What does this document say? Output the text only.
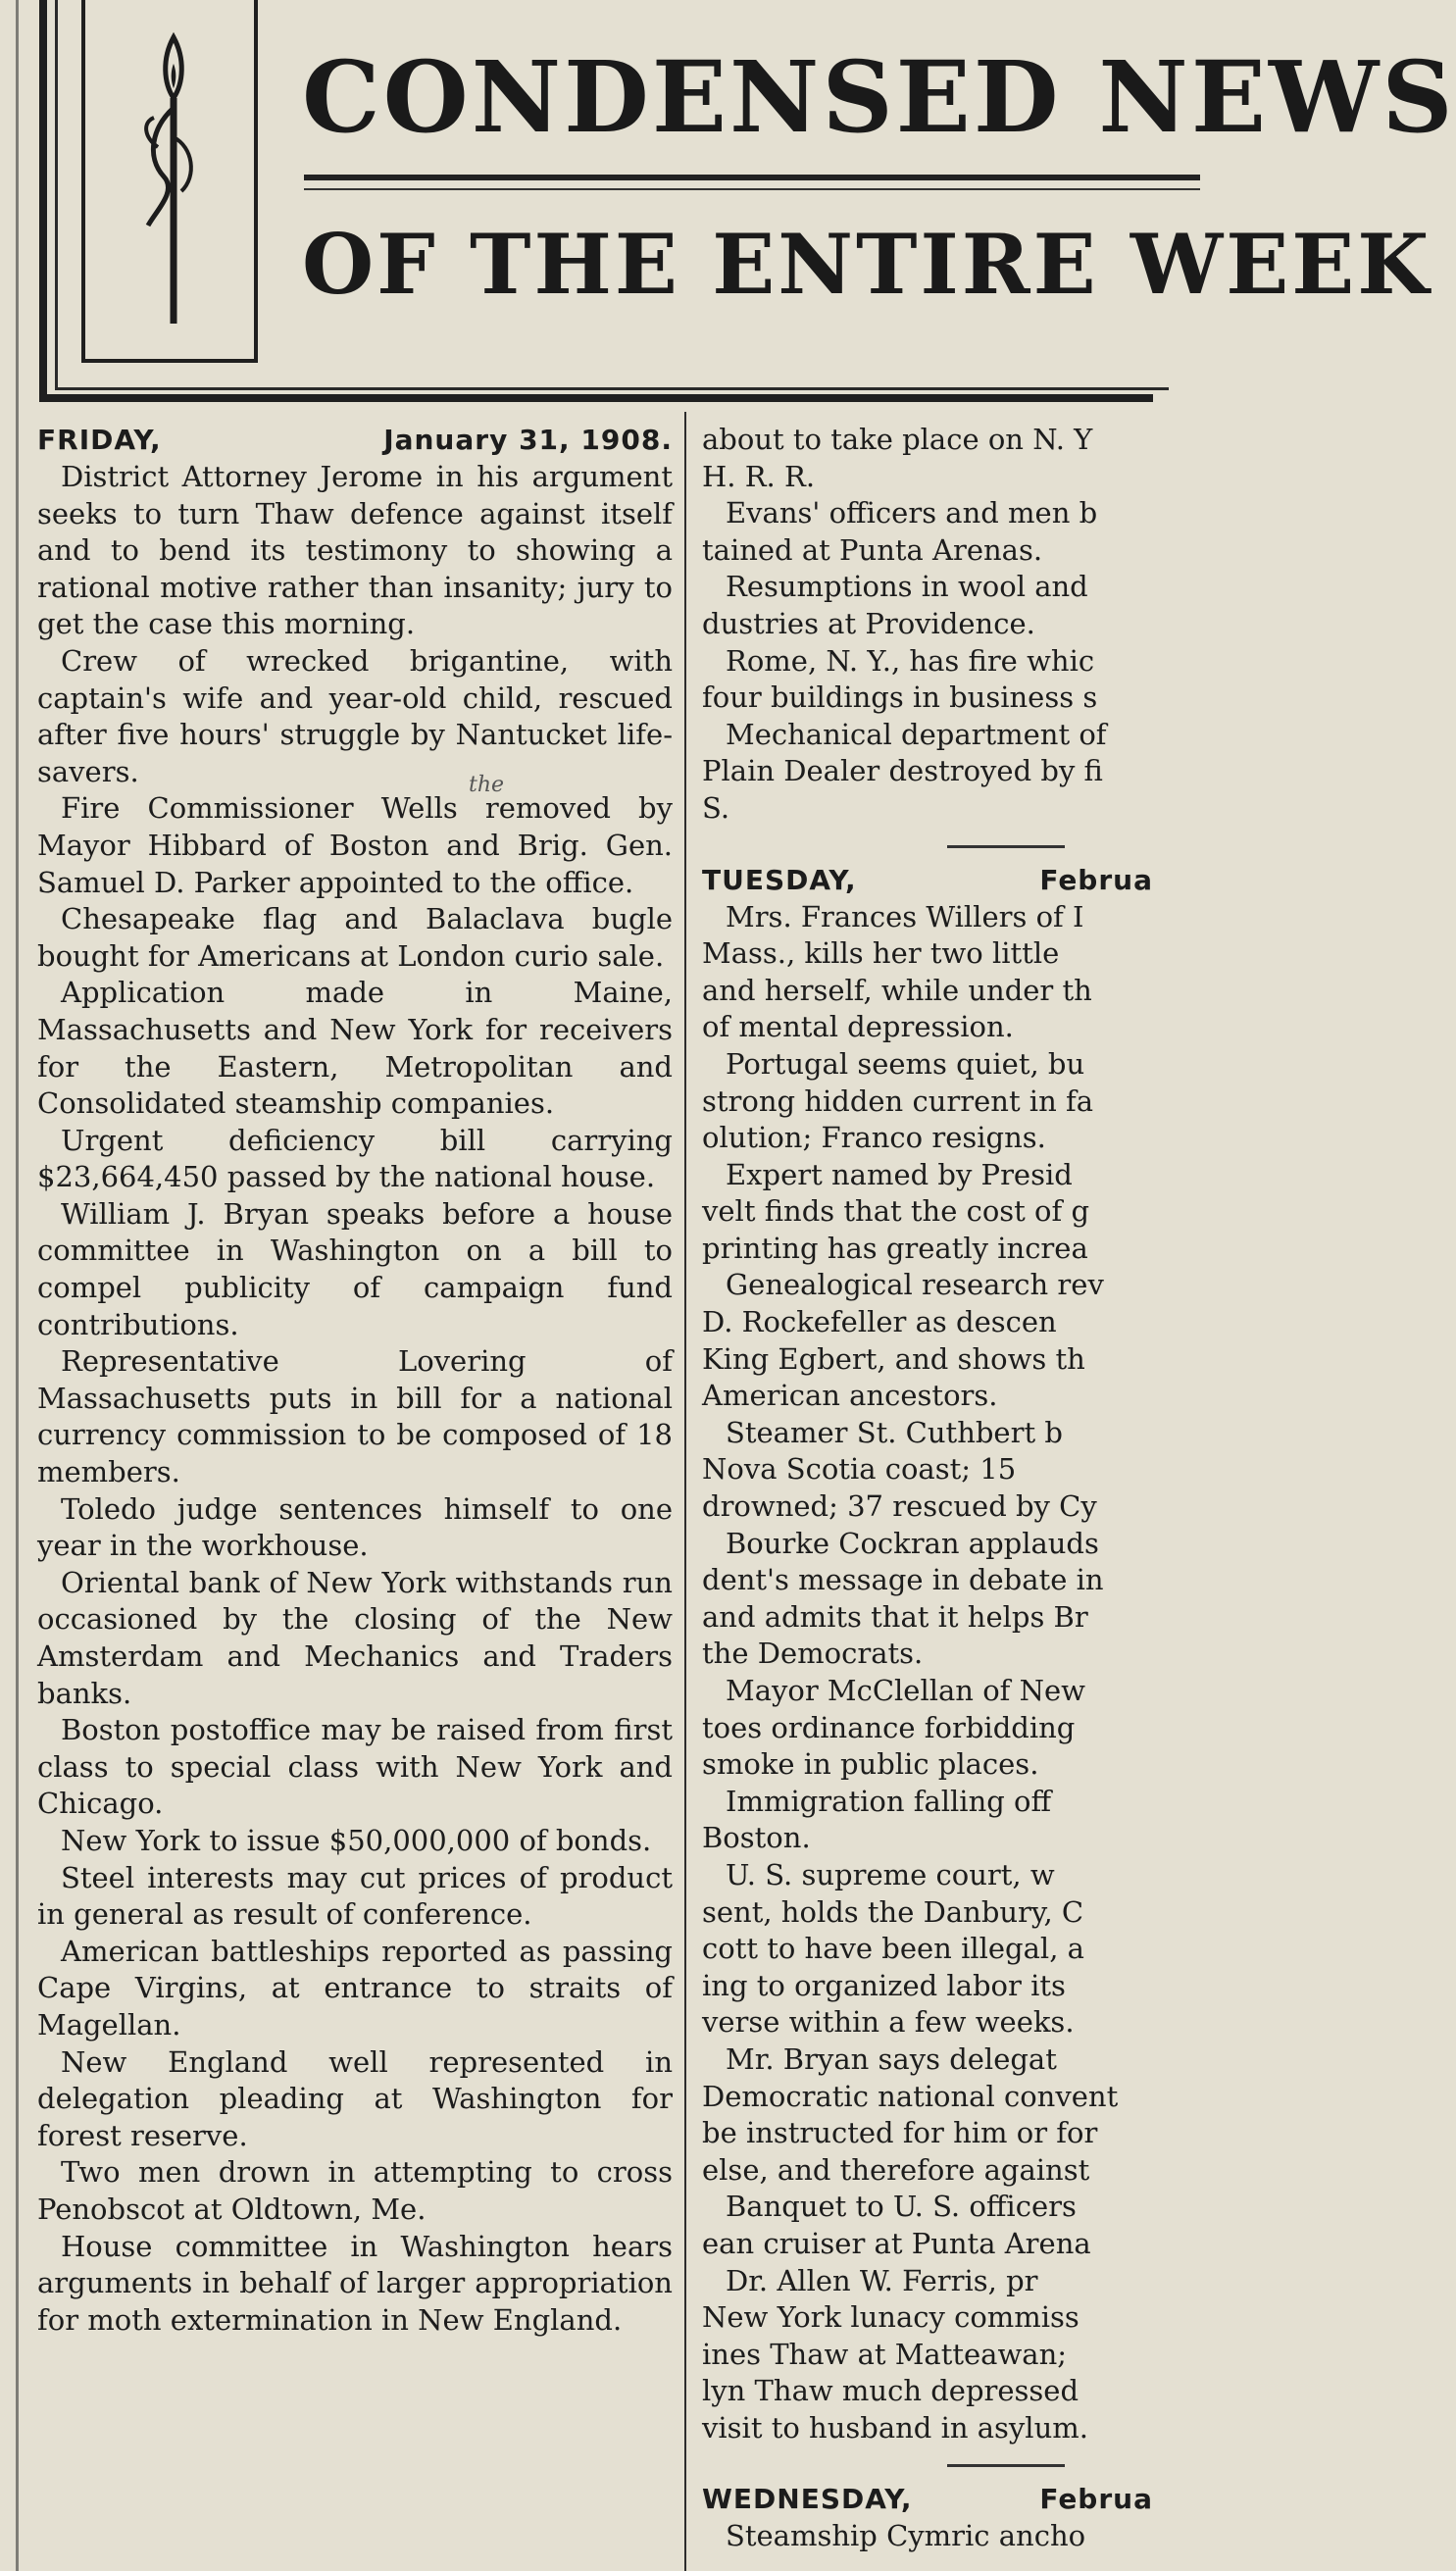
CONDENSED NEWS
OF THE ENTIRE WEEK
FRIDAY,	January 31, 1908.

District Attorney Jerome in his argument seeks to turn Thaw defence against itself and to bend its testimony to showing a rational motive rather than insanity; jury to get the case this morning.

Crew of wrecked brigantine, with captain's wife and year-old child, rescued after five hours' struggle by Nantucket life-savers.

Fire Commissioner Wells removed by Mayor Hibbard of Boston and Brig. Gen. Samuel D. Parker appointed to the office.

Chesapeake flag and Balaclava bugle bought for Americans at London curio sale.

Application made in Maine, Massachusetts and New York for receivers for the Eastern, Metropolitan and Consolidated steamship companies.

Urgent deficiency bill carrying $23,664,450 passed by the national house.

William J. Bryan speaks before a house committee in Washington on a bill to compel publicity of campaign fund contributions.

Representative Lovering of Massachusetts puts in bill for a national currency commission to be composed of 18 members.

Toledo judge sentences himself to one year in the workhouse.

Oriental bank of New York withstands run occasioned by the closing of the New Amsterdam and Mechanics and Traders banks.

Boston postoffice may be raised from first class to special class with New York and Chicago.

New York to issue $50,000,000 of bonds.

Steel interests may cut prices of product in general as result of conference.

American battleships reported as passing Cape Virgins, at entrance to straits of Magellan.

New England well represented in delegation pleading at Washington for forest reserve.

Two men drown in attempting to cross Penobscot at Oldtown, Me.

House committee in Washington hears arguments in behalf of larger appropriation for moth extermination in New England.

the
about to take place on N. Y
H. R. R.
Evans' officers and men b
tained at Punta Arenas.
Resumptions in wool and
dustries at Providence.
Rome, N. Y., has fire whic
four buildings in business s
Mechanical department of
Plain Dealer destroyed by fi
S.
TUESDAY,	Februa
Mrs. Frances Willers of I
Mass., kills her two little
and herself, while under th
of mental depression.
Portugal seems quiet, bu
strong hidden current in fa
olution; Franco resigns.
Expert named by Presid
velt finds that the cost of g
printing has greatly increa
Genealogical research rev
D. Rockefeller as descen
King Egbert, and shows th
American ancestors.
Steamer St. Cuthbert b
Nova Scotia coast; 15
drowned; 37 rescued by Cy
Bourke Cockran applauds
dent's message in debate in
and admits that it helps Br
the Democrats.
Mayor McClellan of New
toes ordinance forbidding
smoke in public places.
Immigration falling off
Boston.
U. S. supreme court, w
sent, holds the Danbury, C
cott to have been illegal, a
ing to organized labor its
verse within a few weeks.
Mr. Bryan says delegat
Democratic national convent
be instructed for him or for
else, and therefore against
Banquet to U. S. officers
ean cruiser at Punta Arena
Dr. Allen W. Ferris, pr
New York lunacy commiss
ines Thaw at Matteawan;
lyn Thaw much depressed
visit to husband in asylum.
WEDNESDAY,	Februa
Steamship Cymric ancho
